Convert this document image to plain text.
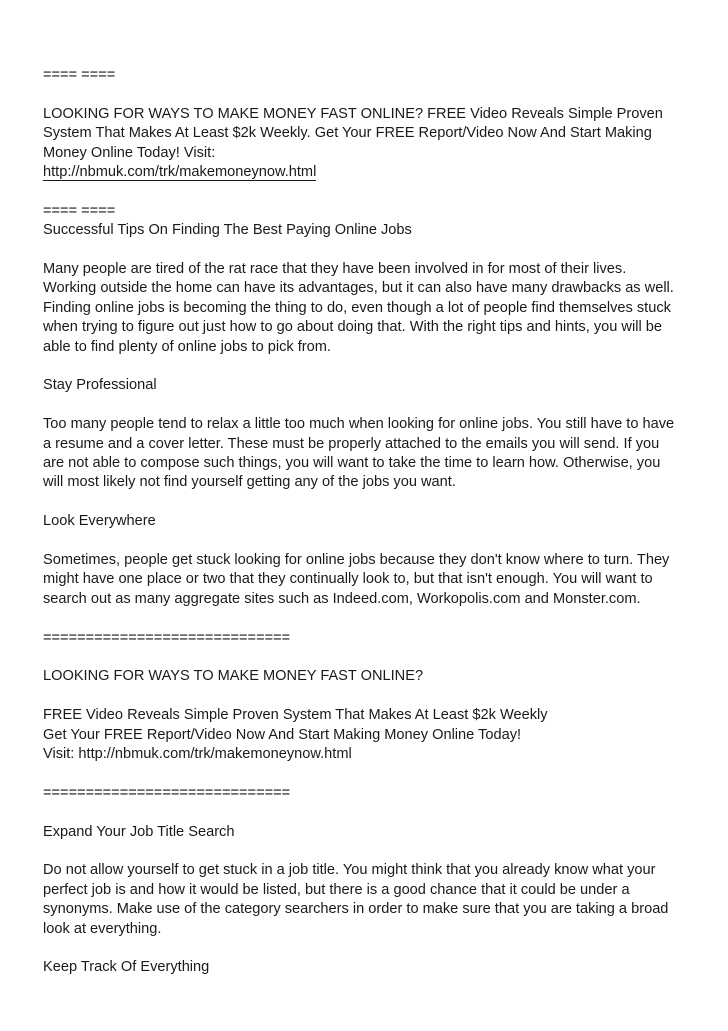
==== ====

LOOKING FOR WAYS TO MAKE MONEY FAST ONLINE? FREE Video Reveals Simple Proven

System That Makes At Least $2k Weekly. Get Your FREE Report/Video Now And Start Making

Money Online Today! Visit:

http://nbmuk.com/trk/makemoneynow.html

==== ====

Successful Tips On Finding The Best Paying Online Jobs

Many people are tired of the rat race that they have been involved in for most of their lives.

Working outside the home can have its advantages, but it can also have many drawbacks as well.

Finding online jobs is becoming the thing to do, even though a lot of people find themselves stuck

when trying to figure out just how to go about doing that. With the right tips and hints, you will be

able to find plenty of online jobs to pick from.

Stay Professional

Too many people tend to relax a little too much when looking for online jobs. You still have to have

a resume and a cover letter. These must be properly attached to the emails you will send. If you

are not able to compose such things, you will want to take the time to learn how. Otherwise, you

will most likely not find yourself getting any of the jobs you want.

Look Everywhere

Sometimes, people get stuck looking for online jobs because they don't know where to turn. They

might have one place or two that they continually look to, but that isn't enough. You will want to

search out as many aggregate sites such as Indeed.com, Workopolis.com and Monster.com.

=============================

LOOKING FOR WAYS TO MAKE MONEY FAST ONLINE?

FREE Video Reveals Simple Proven System That Makes At Least $2k Weekly

Get Your FREE Report/Video Now And Start Making Money Online Today!

Visit: http://nbmuk.com/trk/makemoneynow.html

=============================

Expand Your Job Title Search

Do not allow yourself to get stuck in a job title. You might think that you already know what your

perfect job is and how it would be listed, but there is a good chance that it could be under a

synonyms. Make use of the category searchers in order to make sure that you are taking a broad

look at everything.

Keep Track Of Everything
